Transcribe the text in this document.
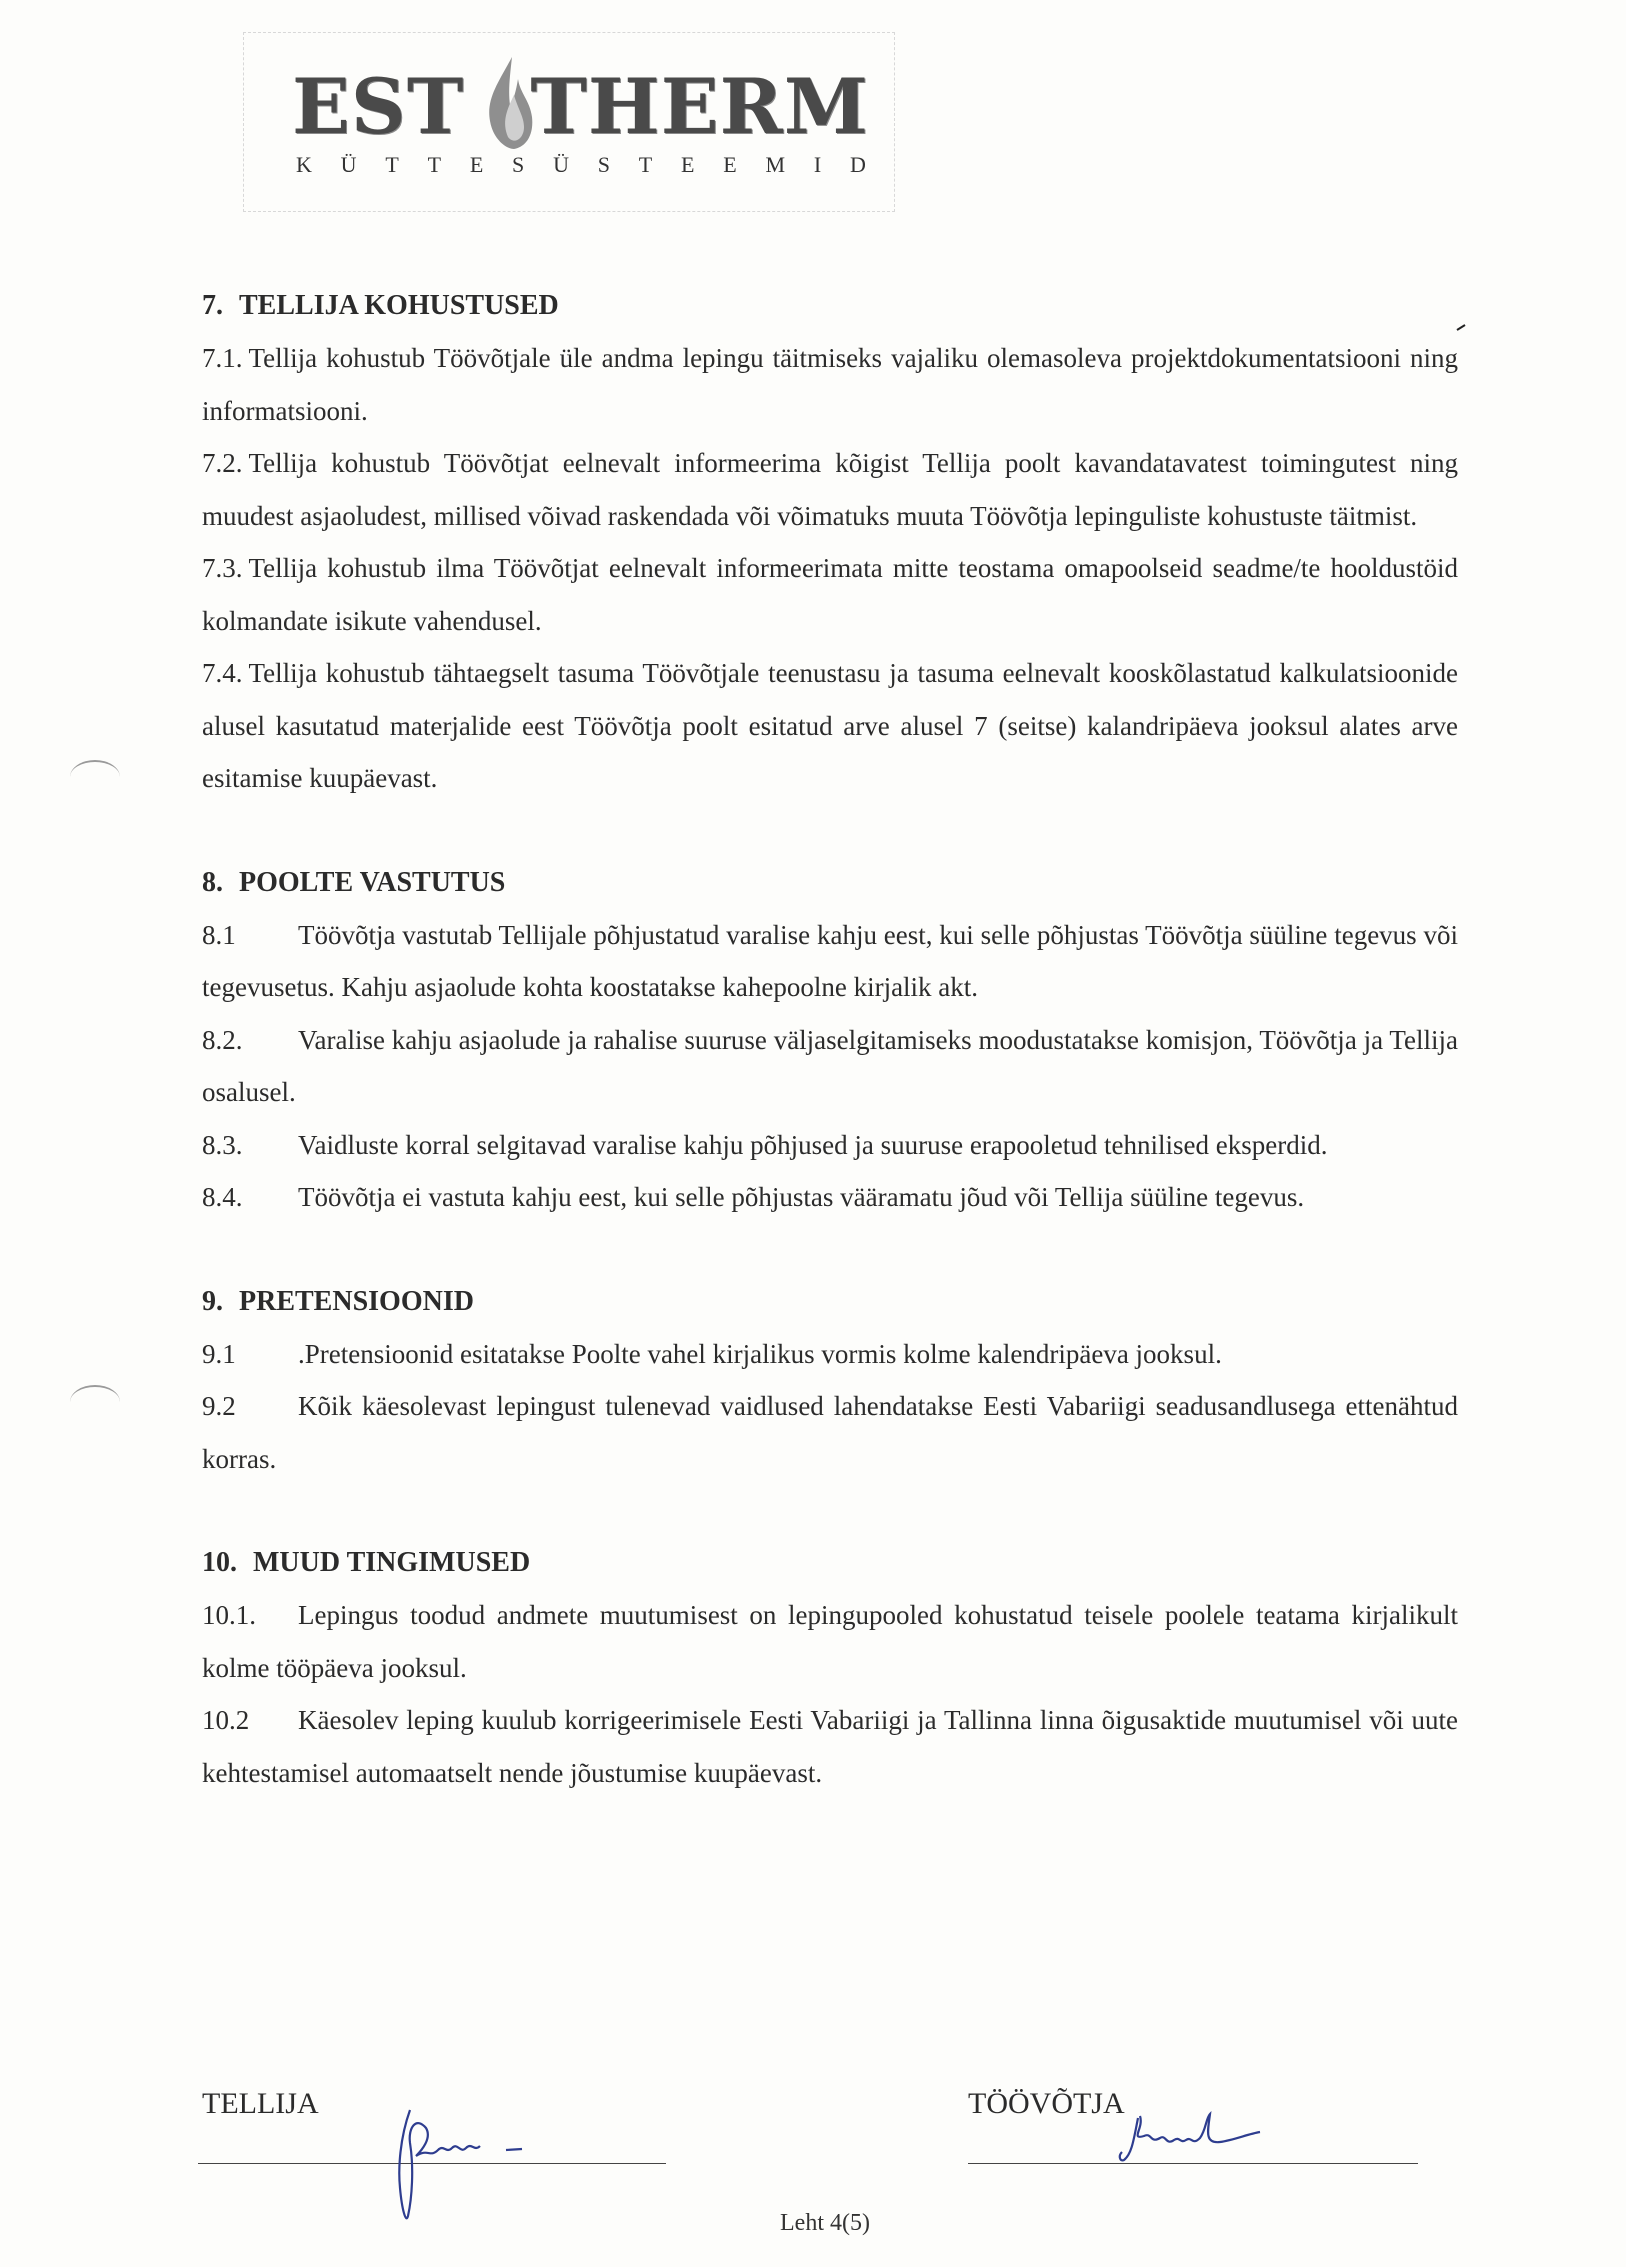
EST THERM
K Ü T T E S Ü S T E E M I D
7. TELLIJA KOHUSTUSED
7.1. Tellija kohustub Töövõtjale üle andma lepingu täitmiseks vajaliku olemasoleva projektdokumentatsiooni ning informatsiooni.
7.2. Tellija kohustub Töövõtjat eelnevalt informeerima kõigist Tellija poolt kavandatavatest toimingutest ning muudest asjaoludest, millised võivad raskendada või võimatuks muuta Töövõtja lepinguliste kohustuste täitmist.
7.3. Tellija kohustub ilma Töövõtjat eelnevalt informeerimata mitte teostama omapoolseid seadme/te hooldustöid kolmandate isikute vahendusel.
7.4. Tellija kohustub tähtaegselt tasuma Töövõtjale teenustasu ja tasuma eelnevalt kooskõlastatud kalkulatsioonide alusel kasutatud materjalide eest Töövõtja poolt esitatud arve alusel 7 (seitse) kalandripäeva jooksul alates arve esitamise kuupäevast.
8. POOLTE VASTUTUS
8.1 Töövõtja vastutab Tellijale põhjustatud varalise kahju eest, kui selle põhjustas Töövõtja süüline tegevus või tegevusetus. Kahju asjaolude kohta koostatakse kahepoolne kirjalik akt.
8.2. Varalise kahju asjaolude ja rahalise suuruse väljaselgitamiseks moodustatakse komisjon, Töövõtja ja Tellija osalusel.
8.3. Vaidluste korral selgitavad varalise kahju põhjused ja suuruse erapooletud tehnilised eksperdid.
8.4. Töövõtja ei vastuta kahju eest, kui selle põhjustas vääramatu jõud või Tellija süüline tegevus.
9. PRETENSIOONID
9.1 .Pretensioonid esitatakse Poolte vahel kirjalikus vormis kolme kalendripäeva jooksul.
9.2 Kõik käesolevast lepingust tulenevad vaidlused lahendatakse Eesti Vabariigi seadusandlusega ettenähtud korras.
10. MUUD TINGIMUSED
10.1. Lepingus toodud andmete muutumisest on lepingupooled kohustatud teisele poolele teatama kirjalikult kolme tööpäeva jooksul.
10.2 Käesolev leping kuulub korrigeerimisele Eesti Vabariigi ja Tallinna linna õigusaktide muutumisel või uute kehtestamisel automaatselt nende jõustumise kuupäevast.
TELLIJA	TÖÖVÕTJA
Leht 4(5)
